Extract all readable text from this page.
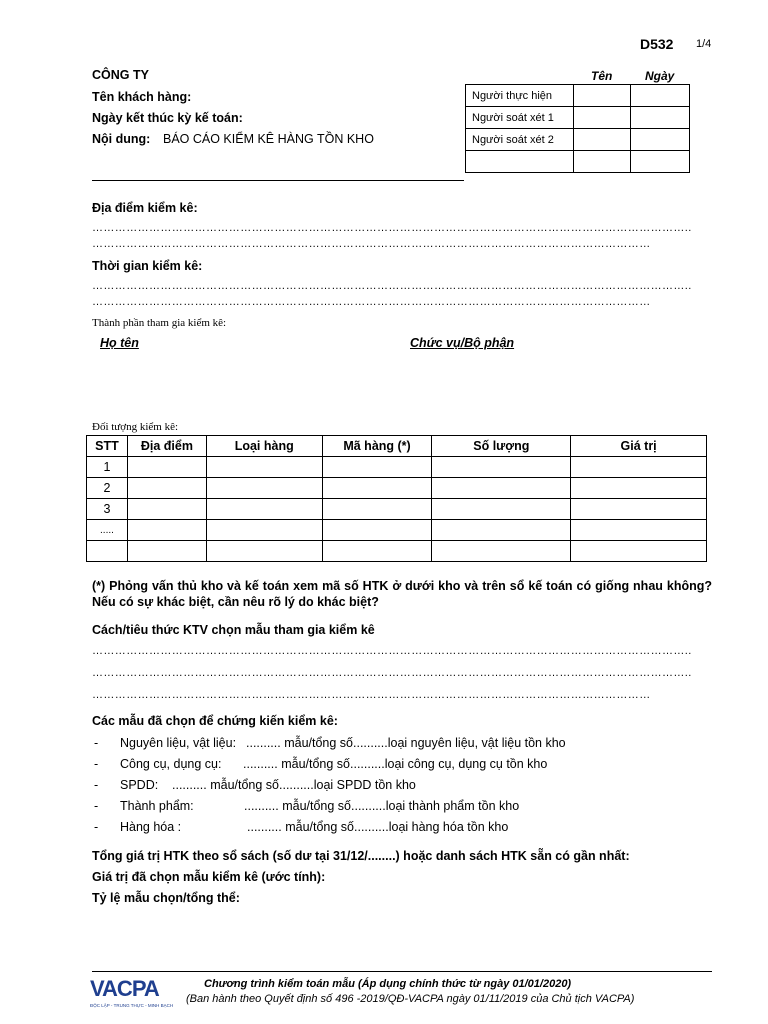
D532 1/4
CÔNG TY
Tên khách hàng:
Ngày kết thúc kỳ kế toán:
Nội dung: BÁO CÁO KIỂM KÊ HÀNG TỒN KHO
Tên	Ngày
Người thực hiện		
Người soát xét 1		
Người soát xét 2		

Địa điểm kiểm kê:
…………………………………………………………………………………………………………………………………………..
…………………………………………………………………………………………………………………………………
Thời gian kiểm kê:
…………………………………………………………………………………………………………………………………………..
…………………………………………………………………………………………………………………………………
Thành phần tham gia kiểm kê:
Họ tên	Chức vụ/Bộ phận
Đối tượng kiểm kê:
STT	Địa điểm	Loại hàng	Mã hàng (*)	Số lượng	Giá trị
1					
2					
3					
.....					

(*) Phỏng vấn thủ kho và kế toán xem mã số HTK ở dưới kho và trên sổ kế toán có giống nhau không? Nếu có sự khác biệt, cần nêu rõ lý do khác biệt?
Cách/tiêu thức KTV chọn mẫu tham gia kiểm kê
…………………………………………………………………………………………………………………………………………..
…………………………………………………………………………………………………………………………………………..
…………………………………………………………………………………………………………………………………
Các mẫu đã chọn để chứng kiến kiểm kê:
- Nguyên liệu, vật liệu: .......... mẫu/tổng số..........loại nguyên liệu, vật liệu tồn kho
- Công cụ, dụng cụ: .......... mẫu/tổng số..........loại công cụ, dụng cụ tồn kho
- SPDD: .......... mẫu/tổng số..........loại SPDD tồn kho
- Thành phẩm:	.......... mẫu/tổng số..........loại thành phẩm tồn kho
- Hàng hóa :	.......... mẫu/tổng số..........loại hàng hóa tồn kho
Tổng giá trị HTK theo sổ sách (số dư tại 31/12/........) hoặc danh sách HTK sẵn có gần nhất:
Giá trị đã chọn mẫu kiểm kê (ước tính):
Tỷ lệ mẫu chọn/tổng thể:
VACPA
ĐỘC LẬP - TRUNG THỰC - MINH BẠCH
Chương trình kiểm toán mẫu (Áp dụng chính thức từ ngày 01/01/2020)
(Ban hành theo Quyết định số 496 -2019/QĐ-VACPA ngày 01/11/2019 của Chủ tịch VACPA)
